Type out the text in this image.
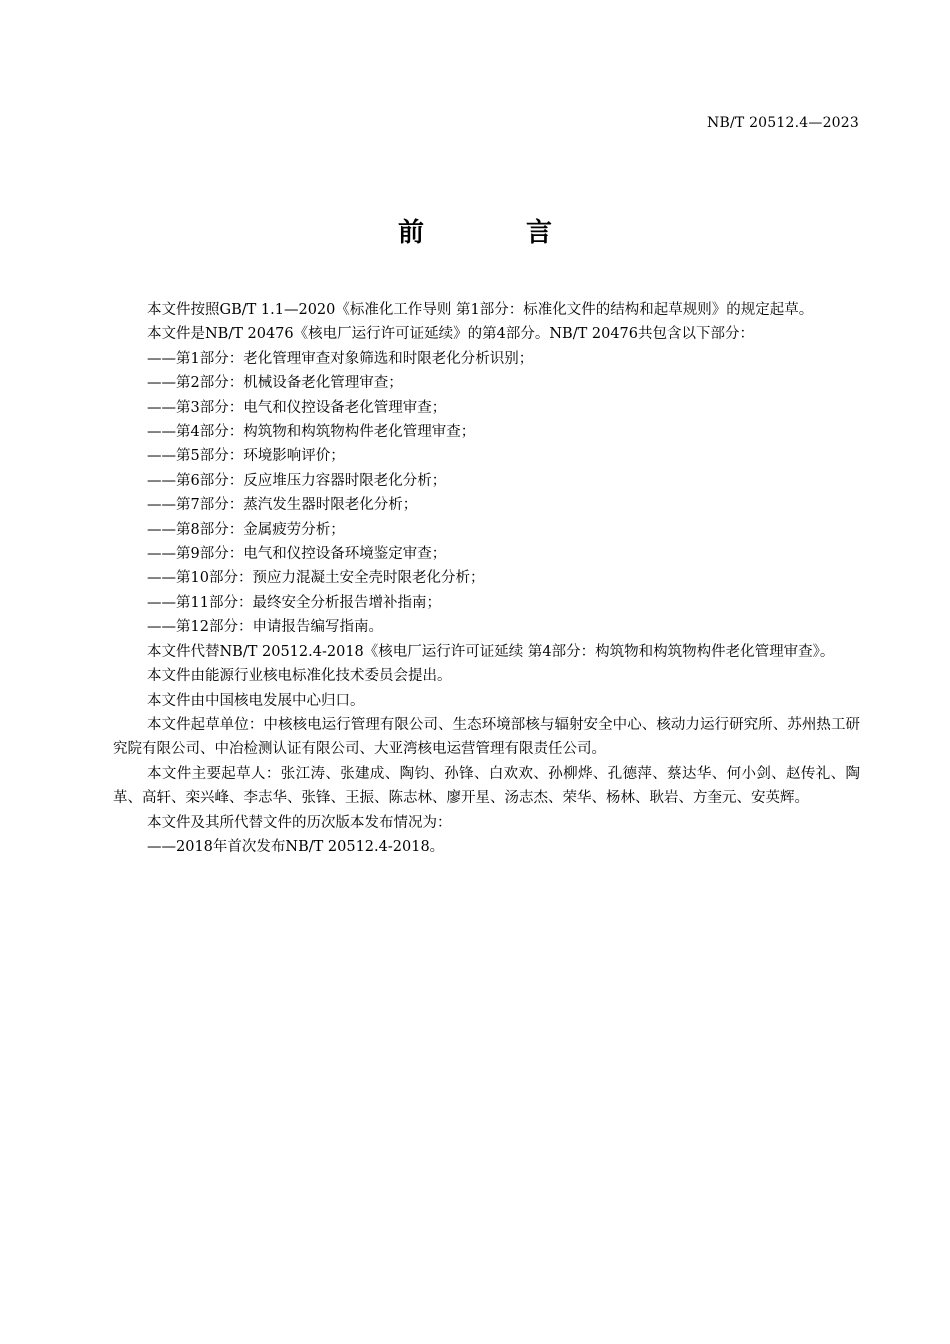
NB/T 20512.4—2023
前　言

本文件按照GB/T 1.1—2020《标准化工作导则 第1部分：标准化文件的结构和起草规则》的规定起草。

本文件是NB/T 20476《核电厂运行许可证延续》的第4部分。NB/T 20476共包含以下部分：

——第1部分：老化管理审查对象筛选和时限老化分析识别；

——第2部分：机械设备老化管理审查；

——第3部分：电气和仪控设备老化管理审查；

——第4部分：构筑物和构筑物构件老化管理审查；

——第5部分：环境影响评价；

——第6部分：反应堆压力容器时限老化分析；

——第7部分：蒸汽发生器时限老化分析；

——第8部分：金属疲劳分析；

——第9部分：电气和仪控设备环境鉴定审查；

——第10部分：预应力混凝土安全壳时限老化分析；

——第11部分：最终安全分析报告增补指南；

——第12部分：申请报告编写指南。

本文件代替NB/T 20512.4-2018《核电厂运行许可证延续 第4部分：构筑物和构筑物构件老化管理审查》。

本文件由能源行业核电标准化技术委员会提出。

本文件由中国核电发展中心归口。

本文件起草单位：中核核电运行管理有限公司、生态环境部核与辐射安全中心、核动力运行研究所、苏州热工研究院有限公司、中冶检测认证有限公司、大亚湾核电运营管理有限责任公司。

本文件主要起草人：张江涛、张建成、陶钧、孙锋、白欢欢、孙柳烨、孔德萍、蔡达华、何小剑、赵传礼、陶革、高轩、栾兴峰、李志华、张锋、王振、陈志林、廖开星、汤志杰、荣华、杨林、耿岩、方奎元、安英辉。

本文件及其所代替文件的历次版本发布情况为：

——2018年首次发布NB/T 20512.4-2018。
